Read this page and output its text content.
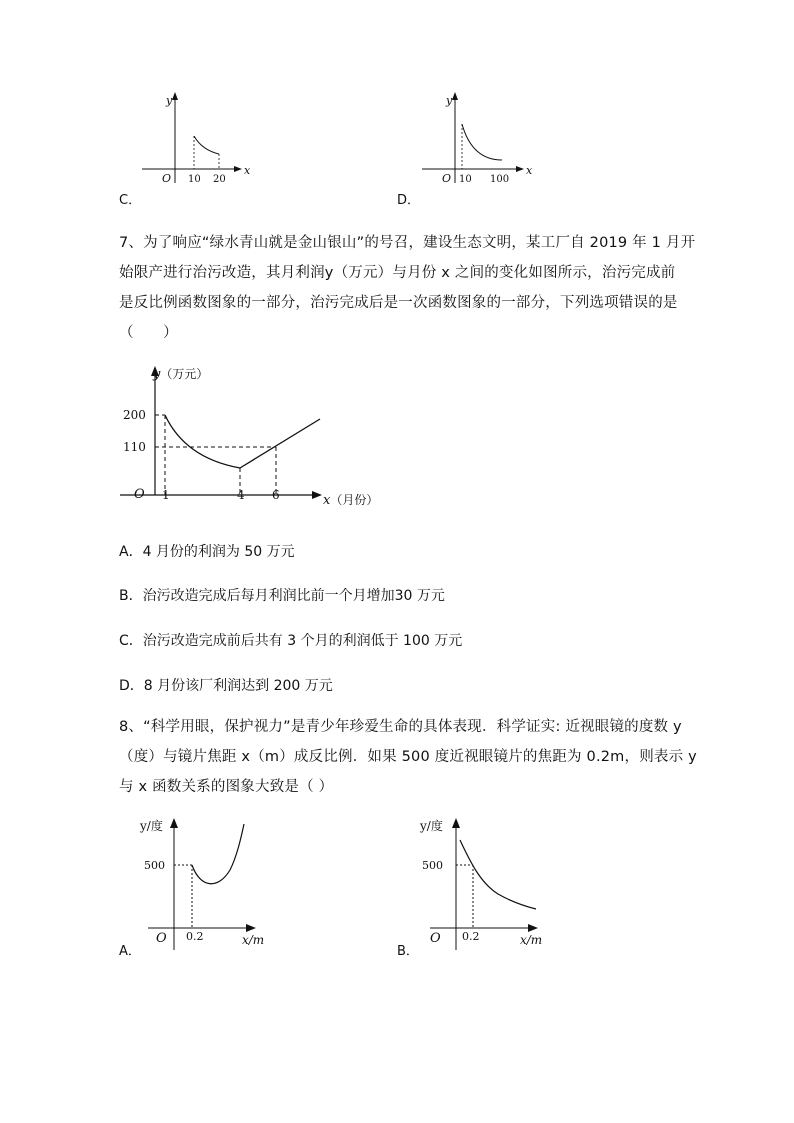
y
x
O 10 20
C．
y
x
O 10 100
D．
7、为了响应“绿水青山就是金山银山”的号召，建设生态文明，某工厂自 2019 年 1 月开
始限产进行治污改造，其月利润y（万元）与月份 x 之间的变化如图所示，治污完成前
是反比例函数图象的一部分，治污完成后是一次函数图象的一部分，下列选项错误的是
（　　）
y（万元）
x（月份）
O
200
110
1	4 6
A．4 月份的利润为 50 万元
B．治污改造完成后每月利润比前一个月增加30 万元
C．治污改造完成前后共有 3 个月的利润低于 100 万元
D．8 月份该厂利润达到 200 万元
8、“科学用眼，保护视力”是青少年珍爱生命的具体表现．科学证实: 近视眼镜的度数 y
（度）与镜片焦距 x（m）成反比例．如果 500 度近视眼镜片的焦距为 0.2m，则表示 y
与 x 函数关系的图象大致是（ ）
y/度
x/m
O
500
0.2
A．
y/度
x/m
O
500
0.2
B．
